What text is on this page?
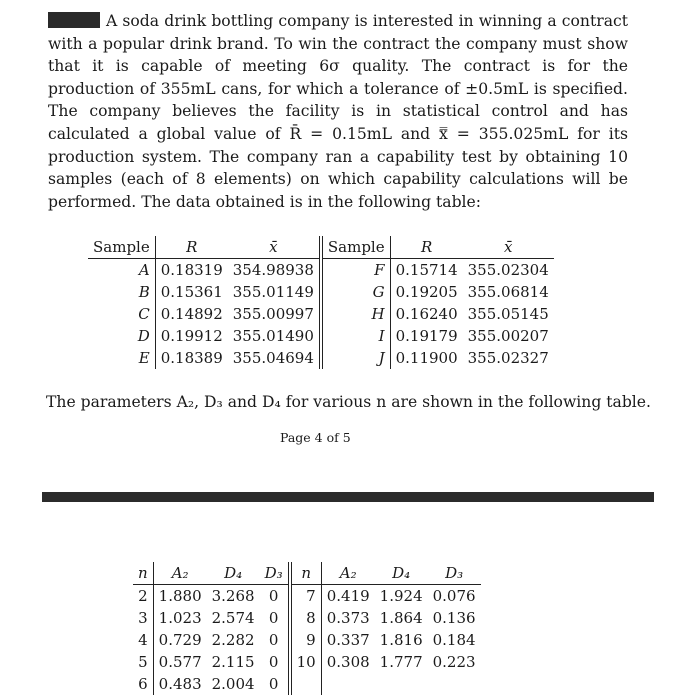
A soda drink bottling company is interested in winning a contract with a popular drink brand. To win the contract the company must show that it is capable of meeting 6σ quality. The contract is for the production of 355mL cans, for which a tolerance of ±0.5mL is specified. The company believes the facility is in statistical control and has calculated a global value of R̄ = 0.15mL and x̿ = 355.025mL for its production system. The company ran a capability test by obtaining 10 samples (each of 8 elements) on which capability calculations will be performed. The data obtained is in the following table:
Sample	R	x̄	Sample	R	x̄
A	0.18319	354.98938	F	0.15714	355.02304
B	0.15361	355.01149	G	0.19205	355.06814
C	0.14892	355.00997	H	0.16240	355.05145
D	0.19912	355.01490	I	0.19179	355.00207
E	0.18389	355.04694	J	0.11900	355.02327
The parameters A₂, D₃ and D₄ for various n are shown in the following table.
Page 4 of 5
n	A₂	D₄	D₃	n	A₂	D₄	D₃
2	1.880	3.268	0	7	0.419	1.924	0.076
3	1.023	2.574	0	8	0.373	1.864	0.136
4	0.729	2.282	0	9	0.337	1.816	0.184
5	0.577	2.115	0	10	0.308	1.777	0.223
6	0.483	2.004	0				
